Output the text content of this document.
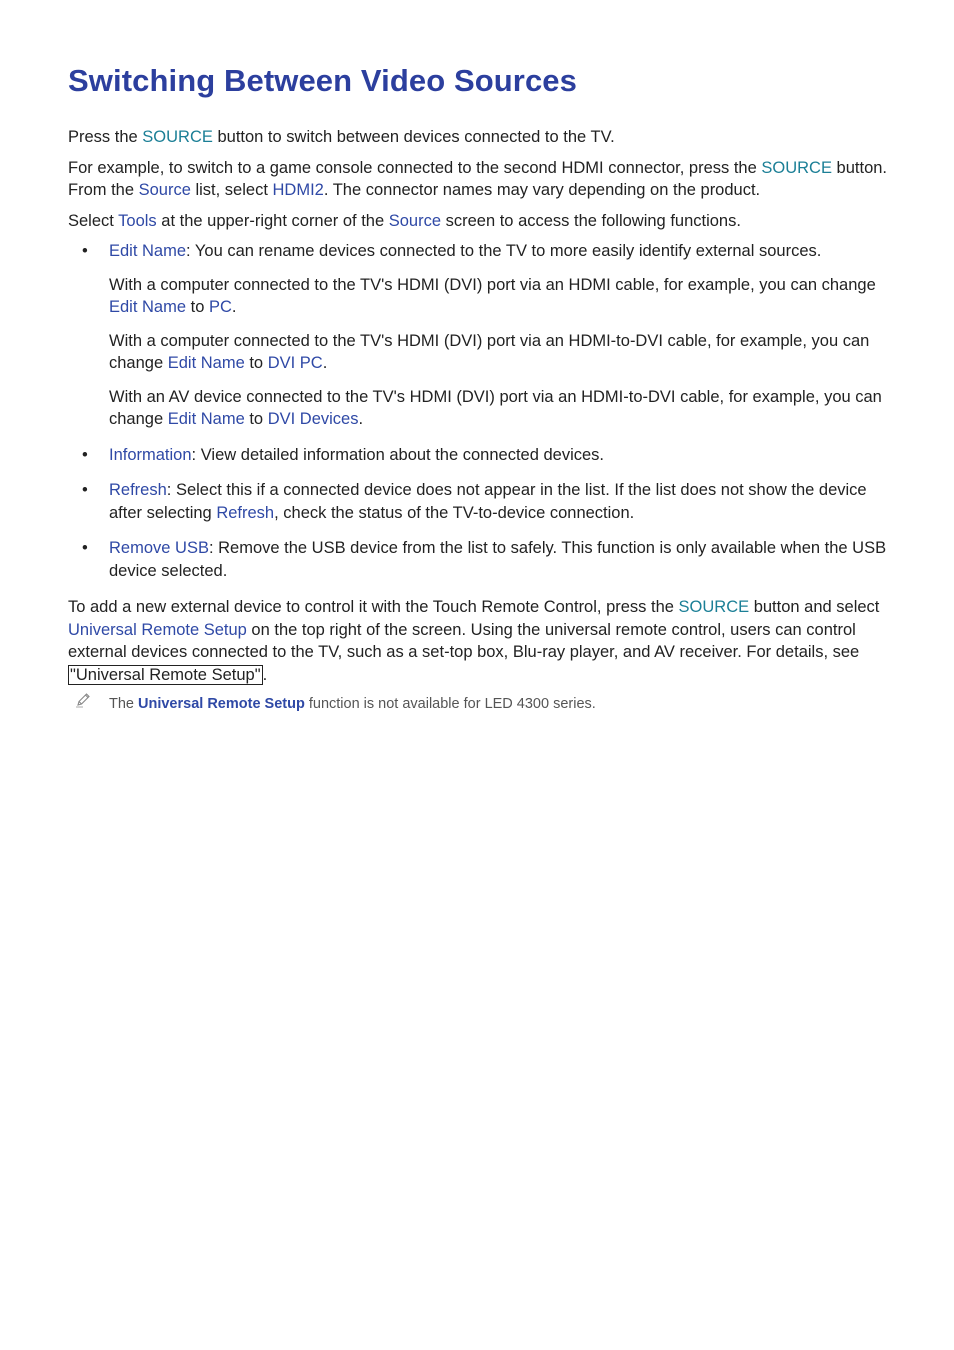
Switching Between Video Sources

Press the SOURCE button to switch between devices connected to the TV.

For example, to switch to a game console connected to the second HDMI connector, press the SOURCE button. From the Source list, select HDMI2. The connector names may vary depending on the product.

Select Tools at the upper-right corner of the Source screen to access the following functions.

• Edit Name: You can rename devices connected to the TV to more easily identify external sources.

With a computer connected to the TV's HDMI (DVI) port via an HDMI cable, for example, you can change Edit Name to PC.

With a computer connected to the TV's HDMI (DVI) port via an HDMI-to-DVI cable, for example, you can change Edit Name to DVI PC.

With an AV device connected to the TV's HDMI (DVI) port via an HDMI-to-DVI cable, for example, you can change Edit Name to DVI Devices.

• Information: View detailed information about the connected devices.

• Refresh: Select this if a connected device does not appear in the list. If the list does not show the device after selecting Refresh, check the status of the TV-to-device connection.

• Remove USB: Remove the USB device from the list to safely. This function is only available when the USB device selected.

To add a new external device to control it with the Touch Remote Control, press the SOURCE button and select Universal Remote Setup on the top right of the screen. Using the universal remote control, users can control external devices connected to the TV, such as a set-top box, Blu-ray player, and AV receiver. For details, see "Universal Remote Setup" .

The Universal Remote Setup function is not available for LED 4300 series.
